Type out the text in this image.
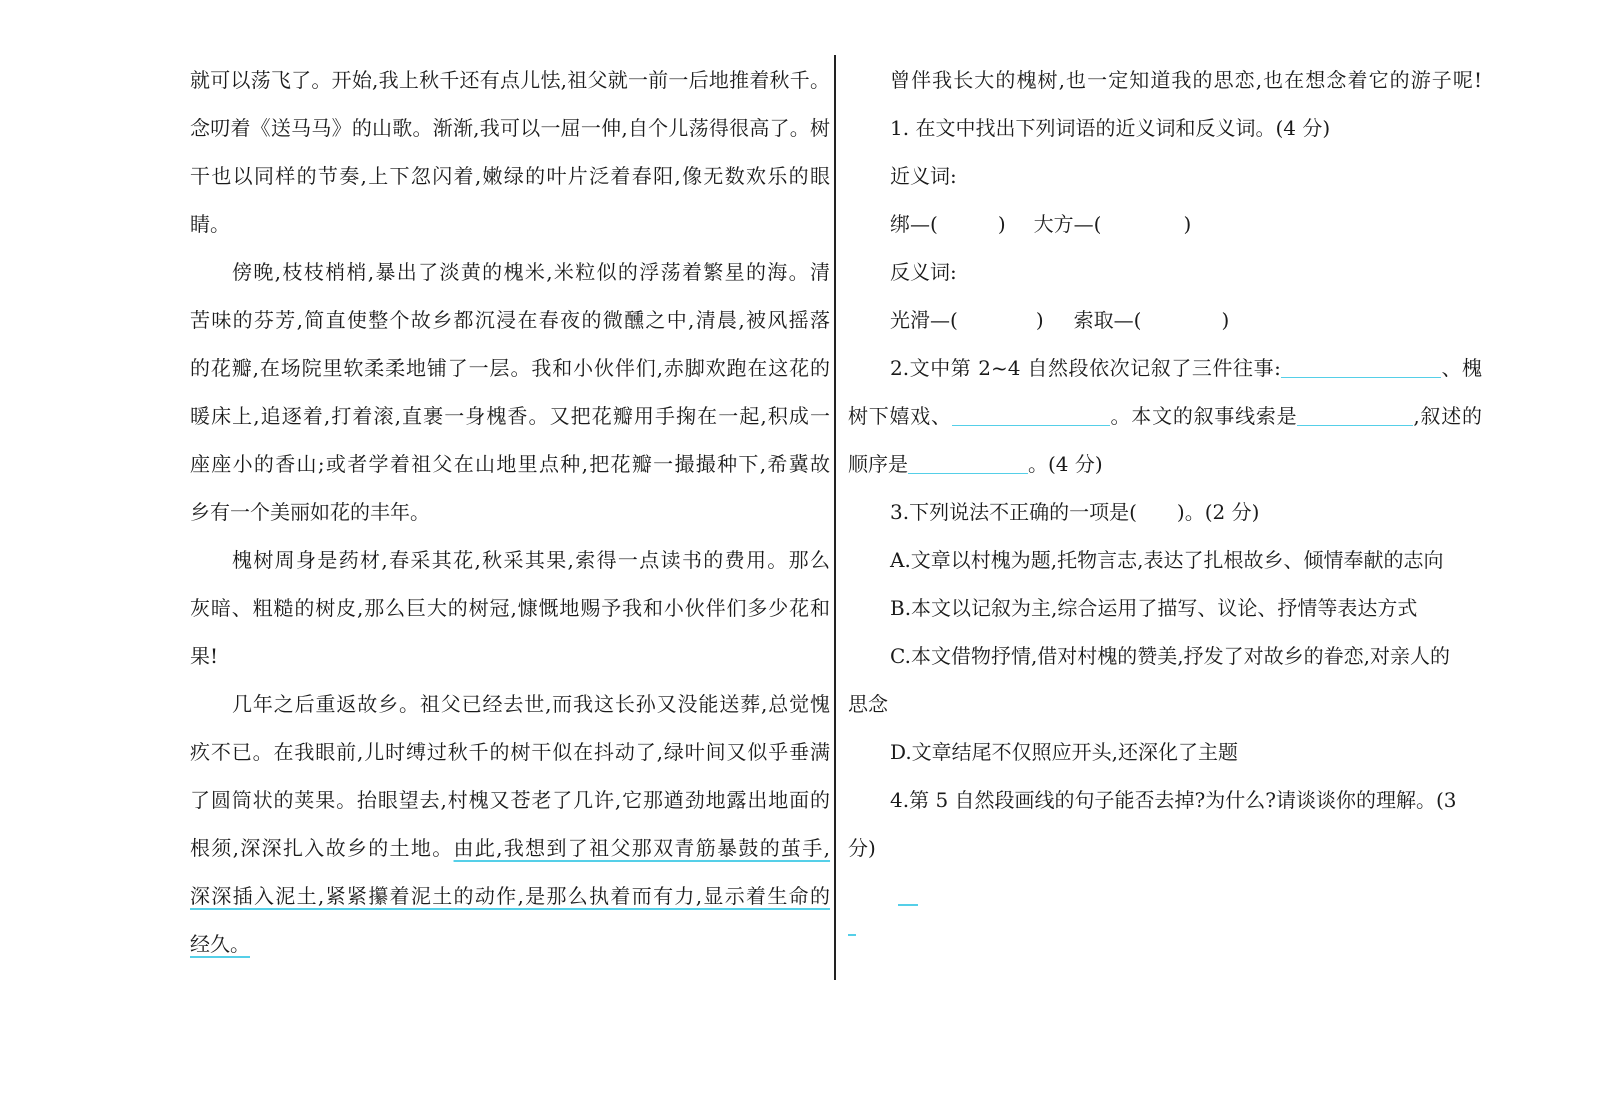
就可以荡飞了。开始,我上秋千还有点儿怯,祖父就一前一后地推着秋千。
念叨着《送马马》的山歌。渐渐,我可以一屈一伸,自个儿荡得很高了。树
干也以同样的节奏,上下忽闪着,嫩绿的叶片泛着春阳,像无数欢乐的眼
睛。
傍晚,枝枝梢梢,暴出了淡黄的槐米,米粒似的浮荡着繁星的海。清
苦味的芬芳,简直使整个故乡都沉浸在春夜的微醺之中,清晨,被风摇落
的花瓣,在场院里软柔柔地铺了一层。我和小伙伴们,赤脚欢跑在这花的
暖床上,追逐着,打着滚,直裹一身槐香。又把花瓣用手掬在一起,积成一
座座小的香山;或者学着祖父在山地里点种,把花瓣一撮撮种下,希冀故
乡有一个美丽如花的丰年。
槐树周身是药材,春采其花,秋采其果,索得一点读书的费用。那么
灰暗、粗糙的树皮,那么巨大的树冠,慷慨地赐予我和小伙伴们多少花和
果!
几年之后重返故乡。祖父已经去世,而我这长孙又没能送葬,总觉愧
疚不已。在我眼前,儿时缚过秋千的树干似在抖动了,绿叶间又似乎垂满
了圆筒状的荚果。抬眼望去,村槐又苍老了几许,它那遒劲地露出地面的
根须,深深扎入故乡的土地。由此,我想到了祖父那双青筋暴鼓的茧手,
深深插入泥土,紧紧攥着泥土的动作,是那么执着而有力,显示着生命的
经久。
曾伴我长大的槐树,也一定知道我的思恋,也在想念着它的游子呢!
1. 在文中找出下列词语的近义词和反义词。(4 分)
近义词:
绑—(	) 大方—(	)
反义词:
光滑—(	) 索取—(	)
2.文中第 2~4 自然段依次记叙了三件往事:	、槐
树下嬉戏、	。本文的叙事线索是	,叙述的
顺序是	。(4 分)
3.下列说法不正确的一项是( )。(2 分)
A.文章以村槐为题,托物言志,表达了扎根故乡、倾情奉献的志向
B.本文以记叙为主,综合运用了描写、议论、抒情等表达方式
C.本文借物抒情,借对村槐的赞美,抒发了对故乡的眷恋,对亲人的
思念
D.文章结尾不仅照应开头,还深化了主题
4.第 5 自然段画线的句子能否去掉?为什么?请谈谈你的理解。(3
分)
